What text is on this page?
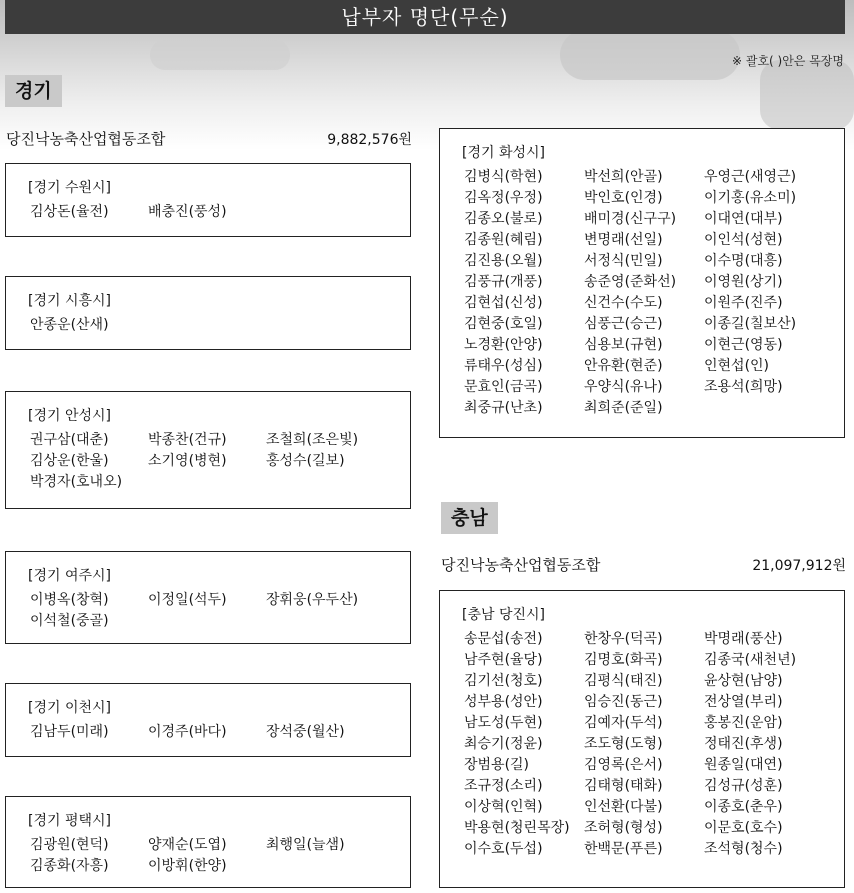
납부자 명단(무순)
※ 괄호( )안은 목장명
경기
당진낙농축산업협동조합	9,882,576원
[경기 수원시]
김상돈(율전)	배충진(풍성)
[경기 시흥시]
안종운(산새)
[경기 안성시]
권구삼(대춘)	박종찬(건규)	조철희(조은빛)
김상운(한울)	소기영(병현)	홍성수(길보)
박경자(호내오)
[경기 여주시]
이병옥(창혁)	이정일(석두)	장휘웅(우두산)
이석철(중골)
[경기 이천시]
김남두(미래)	이경주(바다)	장석중(월산)
[경기 평택시]
김광원(현덕)	양재순(도엽)	최행일(늘샘)
김종화(자흥)	이방휘(한양)
[경기 화성시]
김병식(학현)	박선희(안골)	우영근(새영근)
김옥정(우정)	박인호(인경)	이기홍(유소미)
김종오(불로)	배미경(신구구)	이대연(대부)
김종원(혜림)	변명래(선일)	이인석(성현)
김진용(오월)	서정식(민일)	이수명(대흥)
김풍규(개풍)	송준영(준화선)	이영원(상기)
김현섭(신성)	신건수(수도)	이원주(진주)
김현중(호일)	심풍근(승근)	이종길(칠보산)
노경환(안양)	심용보(규현)	이현근(영동)
류태우(성심)	안유환(현준)	인현섭(인)
문효인(금곡)	우양식(유나)	조용석(희망)
최중규(난초)	최희준(준일)
충남
당진낙농축산업협동조합	21,097,912원
[충남 당진시]
송문섭(송전)	한창우(덕곡)	박명래(풍산)
남주현(율당)	김명호(화곡)	김종국(새천년)
김기선(청호)	김평식(태진)	윤상현(남양)
성부용(성안)	임승진(동근)	전상열(부리)
남도성(두현)	김예자(두석)	홍봉진(운암)
최승기(정윤)	조도형(도형)	정태진(후생)
장범용(길)	김영록(은서)	원종일(대연)
조규정(소리)	김태형(태화)	김성규(성훈)
이상혁(인혁)	인선환(다불)	이종호(춘우)
박용현(청린목장)	조허형(형성)	이문호(호수)
이수호(두섭)	한백문(푸른)	조석형(청수)
